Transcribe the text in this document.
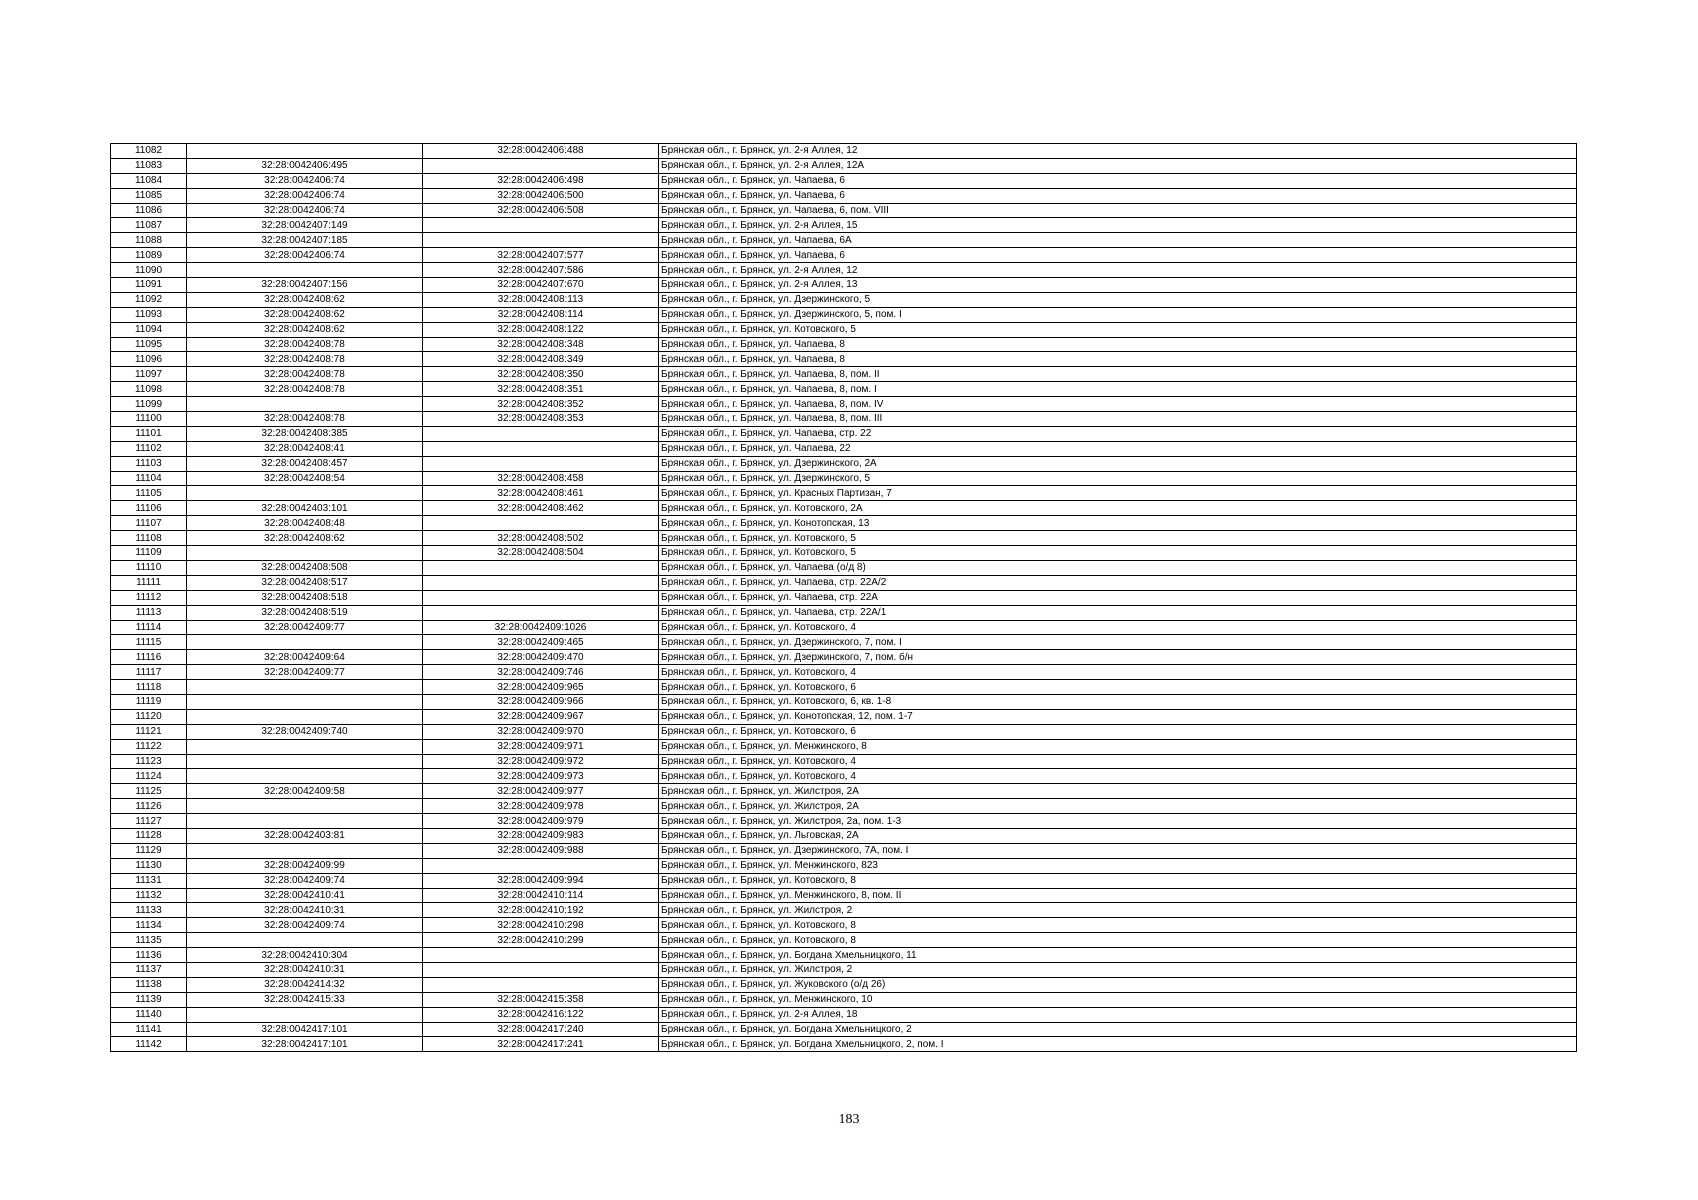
11082		32:28:0042406:488	Брянская обл., г. Брянск, ул. 2-я Аллея, 12
11083	32:28:0042406:495		Брянская обл., г. Брянск, ул. 2-я Аллея, 12А
11084	32:28:0042406:74	32:28:0042406:498	Брянская обл., г. Брянск, ул. Чапаева, 6
11085	32:28:0042406:74	32:28:0042406:500	Брянская обл., г. Брянск, ул. Чапаева, 6
11086	32:28:0042406:74	32:28:0042406:508	Брянская обл., г. Брянск, ул. Чапаева, 6, пом. VIII
11087	32:28:0042407:149		Брянская обл., г. Брянск, ул. 2-я Аллея, 15
11088	32:28:0042407:185		Брянская обл., г. Брянск, ул. Чапаева, 6А
11089	32:28:0042406:74	32:28:0042407:577	Брянская обл., г. Брянск, ул. Чапаева, 6
11090		32:28:0042407:586	Брянская обл., г. Брянск, ул. 2-я Аллея, 12
11091	32:28:0042407:156	32:28:0042407:670	Брянская обл., г. Брянск, ул. 2-я Аллея, 13
11092	32:28:0042408:62	32:28:0042408:113	Брянская обл., г. Брянск, ул. Дзержинского, 5
11093	32:28:0042408:62	32:28:0042408:114	Брянская обл., г. Брянск, ул. Дзержинского, 5, пом. I
11094	32:28:0042408:62	32:28:0042408:122	Брянская обл., г. Брянск, ул. Котовского, 5
11095	32:28:0042408:78	32:28:0042408:348	Брянская обл., г. Брянск, ул. Чапаева, 8
11096	32:28:0042408:78	32:28:0042408:349	Брянская обл., г. Брянск, ул. Чапаева, 8
11097	32:28:0042408:78	32:28:0042408:350	Брянская обл., г. Брянск, ул. Чапаева, 8, пом. II
11098	32:28:0042408:78	32:28:0042408:351	Брянская обл., г. Брянск, ул. Чапаева, 8, пом. I
11099		32:28:0042408:352	Брянская обл., г. Брянск, ул. Чапаева, 8, пом. IV
11100	32:28:0042408:78	32:28:0042408:353	Брянская обл., г. Брянск, ул. Чапаева, 8, пом. III
11101	32:28:0042408:385		Брянская обл., г. Брянск, ул. Чапаева, стр. 22
11102	32:28:0042408:41		Брянская обл., г. Брянск, ул. Чапаева, 22
11103	32:28:0042408:457		Брянская обл., г. Брянск, ул. Дзержинского, 2А
11104	32:28:0042408:54	32:28:0042408:458	Брянская обл., г. Брянск, ул. Дзержинского, 5
11105		32:28:0042408:461	Брянская обл., г. Брянск, ул. Красных Партизан, 7
11106	32:28:0042403:101	32:28:0042408:462	Брянская обл., г. Брянск, ул. Котовского, 2А
11107	32:28:0042408:48		Брянская обл., г. Брянск, ул. Конотопская, 13
11108	32:28:0042408:62	32:28:0042408:502	Брянская обл., г. Брянск, ул. Котовского, 5
11109		32:28:0042408:504	Брянская обл., г. Брянск, ул. Котовского, 5
11110	32:28:0042408:508		Брянская обл., г. Брянск, ул. Чапаева (о/д 8)
11111	32:28:0042408:517		Брянская обл., г. Брянск, ул. Чапаева, стр. 22А/2
11112	32:28:0042408:518		Брянская обл., г. Брянск, ул. Чапаева, стр. 22А
11113	32:28:0042408:519		Брянская обл., г. Брянск, ул. Чапаева, стр. 22А/1
11114	32:28:0042409:77	32:28:0042409:1026	Брянская обл., г. Брянск, ул. Котовского, 4
11115		32:28:0042409:465	Брянская обл., г. Брянск, ул. Дзержинского, 7, пом. I
11116	32:28:0042409:64	32:28:0042409:470	Брянская обл., г. Брянск, ул. Дзержинского, 7, пом. б/н
11117	32:28:0042409:77	32:28:0042409:746	Брянская обл., г. Брянск, ул. Котовского, 4
11118		32:28:0042409:965	Брянская обл., г. Брянск, ул. Котовского, 6
11119		32:28:0042409:966	Брянская обл., г. Брянск, ул. Котовского, 6, кв. 1-8
11120		32:28:0042409:967	Брянская обл., г. Брянск, ул. Конотопская, 12, пом. 1-7
11121	32:28:0042409:740	32:28:0042409:970	Брянская обл., г. Брянск, ул. Котовского, 6
11122		32:28:0042409:971	Брянская обл., г. Брянск, ул. Менжинского, 8
11123		32:28:0042409:972	Брянская обл., г. Брянск, ул. Котовского, 4
11124		32:28:0042409:973	Брянская обл., г. Брянск, ул. Котовского, 4
11125	32:28:0042409:58	32:28:0042409:977	Брянская обл., г. Брянск, ул. Жилстроя, 2А
11126		32:28:0042409:978	Брянская обл., г. Брянск, ул. Жилстроя, 2А
11127		32:28:0042409:979	Брянская обл., г. Брянск, ул. Жилстроя, 2а, пом. 1-3
11128	32:28:0042403:81	32:28:0042409:983	Брянская обл., г. Брянск, ул. Льговская, 2А
11129		32:28:0042409:988	Брянская обл., г. Брянск, ул. Дзержинского, 7А, пом. I
11130	32:28:0042409:99		Брянская обл., г. Брянск, ул. Менжинского, 823
11131	32:28:0042409:74	32:28:0042409:994	Брянская обл., г. Брянск, ул. Котовского, 8
11132	32:28:0042410:41	32:28:0042410:114	Брянская обл., г. Брянск, ул. Менжинского, 8, пом. II
11133	32:28:0042410:31	32:28:0042410:192	Брянская обл., г. Брянск, ул. Жилстроя, 2
11134	32:28:0042409:74	32:28:0042410:298	Брянская обл., г. Брянск, ул. Котовского, 8
11135		32:28:0042410:299	Брянская обл., г. Брянск, ул. Котовского, 8
11136	32:28:0042410:304		Брянская обл., г. Брянск, ул. Богдана Хмельницкого, 11
11137	32:28:0042410:31		Брянская обл., г. Брянск, ул. Жилстроя, 2
11138	32:28:0042414:32		Брянская обл., г. Брянск, ул. Жуковского (о/д 26)
11139	32:28:0042415:33	32:28:0042415:358	Брянская обл., г. Брянск, ул. Менжинского, 10
11140		32:28:0042416:122	Брянская обл., г. Брянск, ул. 2-я Аллея, 18
11141	32:28:0042417:101	32:28:0042417:240	Брянская обл., г. Брянск, ул. Богдана Хмельницкого, 2
11142	32:28:0042417:101	32:28:0042417:241	Брянская обл., г. Брянск, ул. Богдана Хмельницкого, 2, пом. I
183
